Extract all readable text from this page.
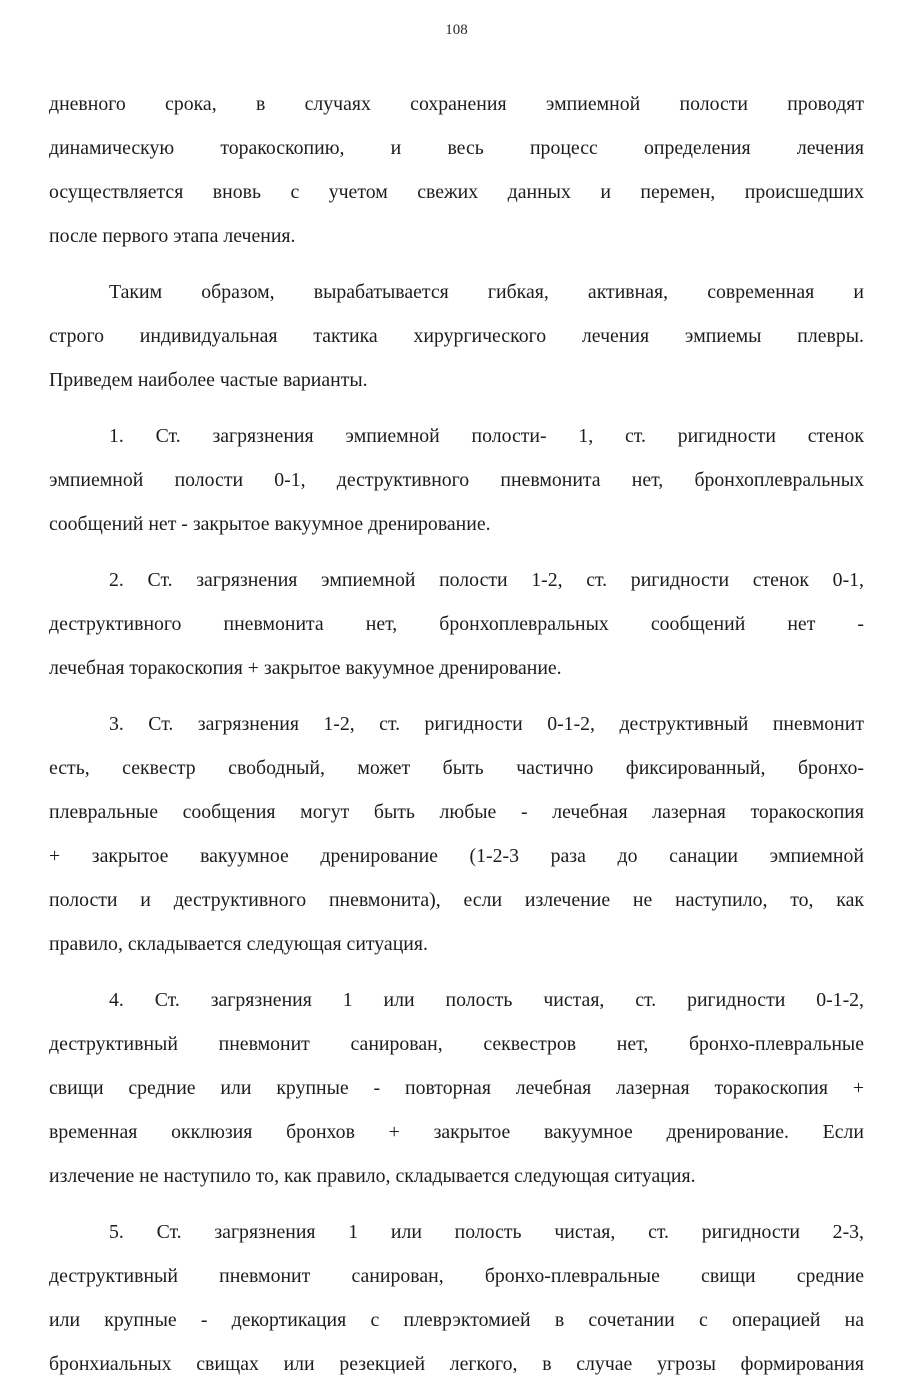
108
дневного срока, в случаях сохранения эмпиемной полости проводят
динамическую торакоскопию, и весь процесс определения лечения
осуществляется вновь с учетом свежих данных и перемен, происшедших
после первого этапа лечения.
Таким образом, вырабатывается гибкая, активная, современная и
строго индивидуальная тактика хирургического лечения эмпиемы плевры.
Приведем наиболее частые варианты.
1. Ст. загрязнения эмпиемной полости- 1, ст. ригидности стенок
эмпиемной полости 0-1, деструктивного пневмонита нет, бронхоплевральных
сообщений нет - закрытое вакуумное дренирование.
2. Ст. загрязнения эмпиемной полости 1-2, ст. ригидности стенок 0-1,
деструктивного пневмонита нет, бронхоплевральных сообщений нет -
лечебная торакоскопия + закрытое вакуумное дренирование.
3. Ст. загрязнения 1-2, ст. ригидности 0-1-2, деструктивный пневмонит
есть, секвестр свободный, может быть частично фиксированный, бронхо-
плевральные сообщения могут быть любые - лечебная лазерная торакоскопия
+ закрытое вакуумное дренирование (1-2-3 раза до санации эмпиемной
полости и деструктивного пневмонита), если излечение не наступило, то, как
правило, складывается следующая ситуация.
4. Ст. загрязнения 1 или полость чистая, ст. ригидности 0-1-2,
деструктивный пневмонит санирован, секвестров нет, бронхо-плевральные
свищи средние или крупные - повторная лечебная лазерная торакоскопия +
временная окклюзия бронхов + закрытое вакуумное дренирование. Если
излечение не наступило то, как правило, складывается следующая ситуация.
5. Ст. загрязнения 1 или полость чистая, ст. ригидности 2-3,
деструктивный пневмонит санирован, бронхо-плевральные свищи средние
или крупные - декортикация с плеврэктомией в сочетании с операцией на
бронхиальных свищах или резекцией легкого, в случае угрозы формирования
